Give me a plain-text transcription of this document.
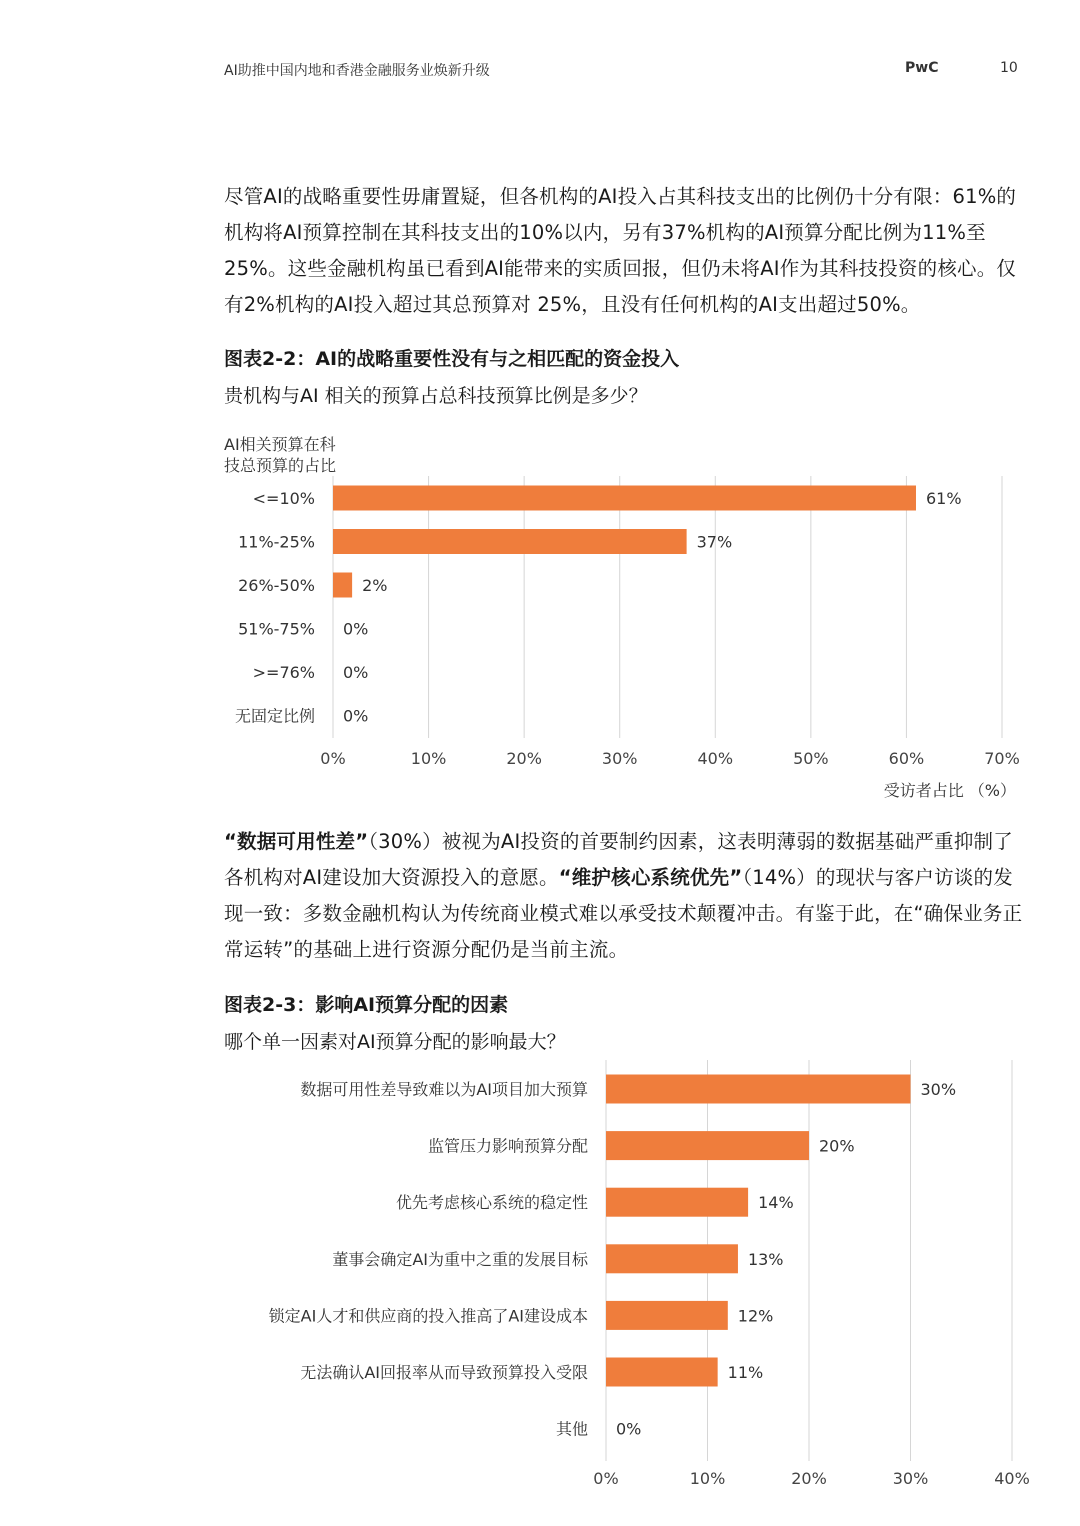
AI助推中国内地和香港金融服务业焕新升级	PwC	10

尽管AI的战略重要性毋庸置疑，但各机构的AI投入占其科技支出的比例仍十分有限：61%的机构将AI预算控制在其科技支出的10%以内，另有37%机构的AI预算分配比例为11%至25%。这些金融机构虽已看到AI能带来的实质回报，但仍未将AI作为其科技投资的核心。仅有2%机构的AI投入超过其总预算对 25%，且没有任何机构的AI支出超过50%。

图表2-2：AI的战略重要性没有与之相匹配的资金投入

贵机构与AI 相关的预算占总科技预算比例是多少？

0%	10%	20%	30%	40%	50%	60%	70%
<=10%	61%
11%-25%	37%
26%-50%	2%
51%-75% 0%
>=76% 0%
无固定比例 0%
AI相关预算在科
技总预算的占比
受访者占比 （%）

“数据可用性差”（30%）被视为AI投资的首要制约因素，这表明薄弱的数据基础严重抑制了各机构对AI建设加大资源投入的意愿。“维护核心系统优先”（14%）的现状与客户访谈的发现一致：多数金融机构认为传统商业模式难以承受技术颠覆冲击。有鉴于此，在“确保业务正常运转”的基础上进行资源分配仍是当前主流。

图表2-3：影响AI预算分配的因素

哪个单一因素对AI预算分配的影响最大？

0%	10%	20%	30%	40%
数据可用性差导致难以为AI项目加大预算	30%
监管压力影响预算分配	20%
优先考虑核心系统的稳定性	14%
董事会确定AI为重中之重的发展目标	13%
锁定AI人才和供应商的投入推高了AI建设成本	12%
无法确认AI回报率从而导致预算投入受限	11%
其他 0%
